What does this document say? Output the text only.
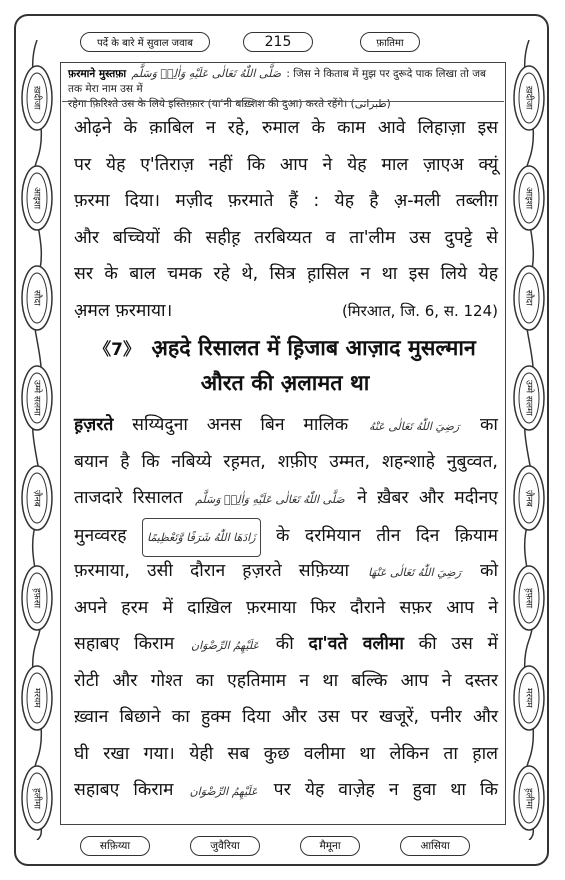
ख़दीजा
आइशा
सौदा
उम्मे सलमा
ज़ैनब
ह़फ़सा
मरयम
ह़लीमा
ख़दीजा
आइशा
सौदा
उम्मे सलमा
ज़ैनब
ह़फ़सा
मरयम
ह़लीमा
पर्दे के बारे में सुवाल जवाब	215	फ़ातिमा
फ़रमाने मुस्तफ़ा صَلَّى اللّٰهُ تَعَالٰى عَلَيْهِ وَاٰلِهٖ وَسَلَّم : जिस ने किताब में मुझ पर दुरूदे पाक लिखा तो जब तक मेरा नाम उस में
रहेगा फ़िरिश्ते उस के लिये इस्तिग़्फ़ार (या'नी बख़्शिश की दुआ) करते रहेंगे। (طبرانی)
ओढ़ने के क़ाबिल न रहे, रुमाल के काम आवे लिहाज़ा इस
पर येह ए'तिराज़ नहीं कि आप ने येह माल ज़ाएअ क्यूं
फ़रमा दिया। मज़ीद फ़रमाते हैं : येह है अ़-मली तब्लीग़
और बच्चियों की सहीह़ तरबिय्यत व ता'लीम उस दुपट्टे से
सर के बाल चमक रहे थे, सित्र ह़ासिल न था इस लिये येह
अ़मल फ़रमाया।	(मिरआत, जि. 6, स. 124)
《7》 अ़हदे रिसालत में ह़िजाब आज़ाद मुसल्मान
औरत की अ़लामत था
ह़ज़रते सय्यिदुना अनस बिन मालिक رَضِيَ اللّٰهُ تَعَالٰى عَنْهُ का
बयान है कि नबिय्ये रह़मत, शफ़ीए उम्मत, शहन्शाहे नुबुव्वत,
ताजदारे रिसालत صَلَّى اللّٰهُ تَعَالٰى عَلَيْهِ وَاٰلِهٖ وَسَلَّم ने ख़ैबर और मदीनए
मुनव्वरह زَادَهَا اللّٰهُ شَرَفًا وَّتَعْظِيمًا के दरमियान तीन दिन क़ियाम
फ़रमाया, उसी दौरान ह़ज़रते सफ़िय्या رَضِيَ اللّٰهُ تَعَالٰى عَنْهَا को
अपने हरम में दाख़िल फ़रमाया फिर दौराने सफ़र आप ने
सहाबए किराम عَلَيْهِمُ الرِّضْوَان की दा'वते वलीमा की उस में
रोटी और गोश्त का एहतिमाम न था बल्कि आप ने दस्तर
ख़्वान बिछाने का हुक्म दिया और उस पर खजूरें, पनीर और
घी रखा गया। येही सब कुछ वलीमा था लेकिन ता ह़ाल
सहाबए किराम عَلَيْهِمُ الرِّضْوَان पर येह वाज़ेह न हुवा था कि
सफ़िय्या	जुवैरिया	मैमूना	आसिया
